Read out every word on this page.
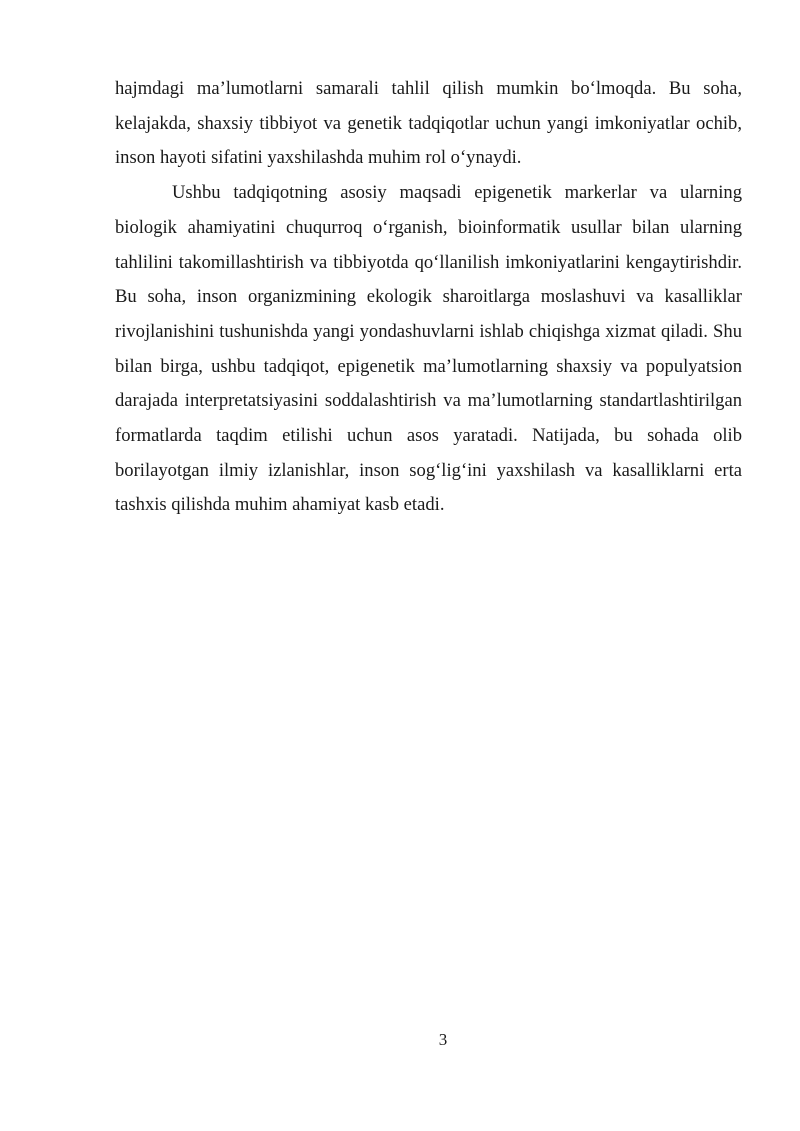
hajmdagi ma’lumotlarni samarali tahlil qilish mumkin bo‘lmoqda. Bu soha, kelajakda, shaxsiy tibbiyot va genetik tadqiqotlar uchun yangi imkoniyatlar ochib, inson hayoti sifatini yaxshilashda muhim rol o‘ynaydi.

Ushbu tadqiqotning asosiy maqsadi epigenetik markerlar va ularning biologik ahamiyatini chuqurroq o‘rganish, bioinformatik usullar bilan ularning tahlilini takomillashtirish va tibbiyotda qo‘llanilish imkoniyatlarini kengaytirishdir. Bu soha, inson organizmining ekologik sharoitlarga moslashuvi va kasalliklar rivojlanishini tushunishda yangi yondashuvlarni ishlab chiqishga xizmat qiladi. Shu bilan birga, ushbu tadqiqot, epigenetik ma’lumotlarning shaxsiy va populyatsion darajada interpretatsiyasini soddalashtirish va ma’lumotlarning standartlashtirilgan formatlarda taqdim etilishi uchun asos yaratadi. Natijada, bu sohada olib borilayotgan ilmiy izlanishlar, inson sog‘lig‘ini yaxshilash va kasalliklarni erta tashxis qilishda muhim ahamiyat kasb etadi.

3
